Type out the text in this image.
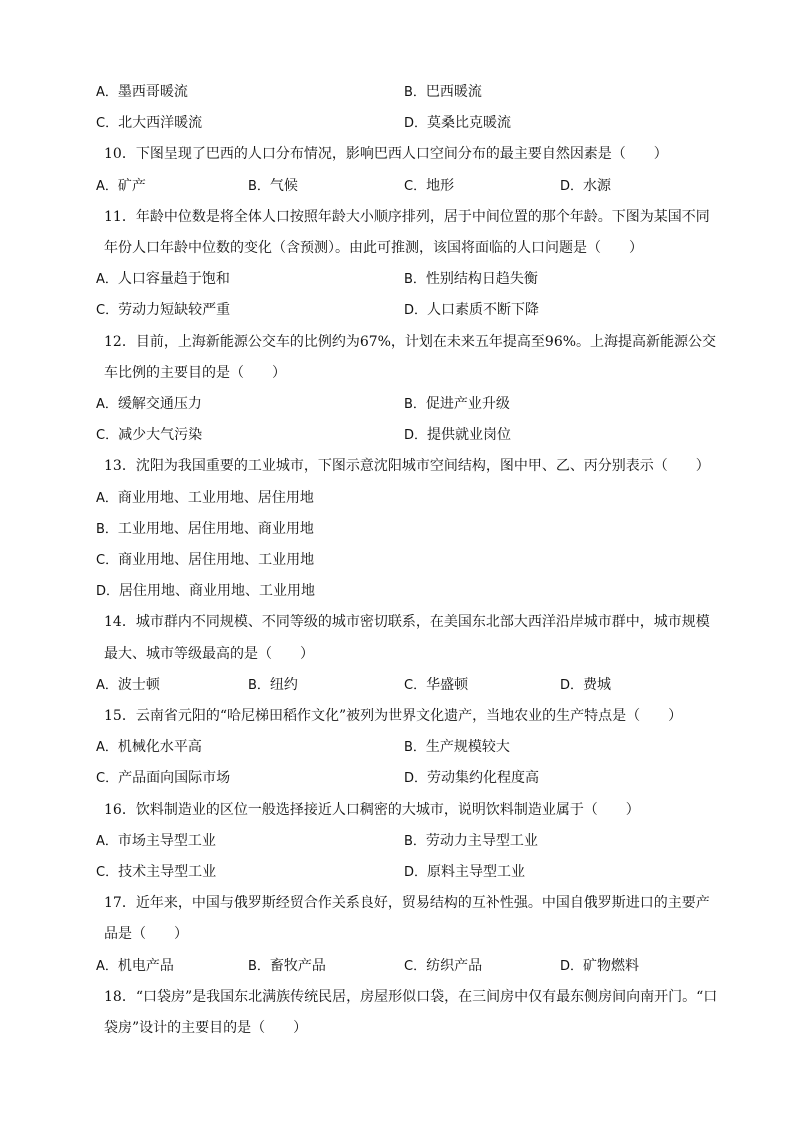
A．墨西哥暖流	B．巴西暖流
C．北大西洋暖流	D．莫桑比克暖流
10．下图呈现了巴西的人口分布情况，影响巴西人口空间分布的最主要自然因素是（　　）
A．矿产	B．气候	C．地形	D．水源
11．年龄中位数是将全体人口按照年龄大小顺序排列，居于中间位置的那个年龄。下图为某国不同
年份人口年龄中位数的变化（含预测）。由此可推测，该国将面临的人口问题是（　　）
A．人口容量趋于饱和	B．性别结构日趋失衡
C．劳动力短缺较严重	D．人口素质不断下降
12．目前，上海新能源公交车的比例约为67%，计划在未来五年提高至96%。上海提高新能源公交
车比例的主要目的是（　　）
A．缓解交通压力	B．促进产业升级
C．减少大气污染	D．提供就业岗位
13．沈阳为我国重要的工业城市，下图示意沈阳城市空间结构，图中甲、乙、丙分别表示（　　）
A．商业用地、工业用地、居住用地
B．工业用地、居住用地、商业用地
C．商业用地、居住用地、工业用地
D．居住用地、商业用地、工业用地
14．城市群内不同规模、不同等级的城市密切联系，在美国东北部大西洋沿岸城市群中，城市规模
最大、城市等级最高的是（　　）
A．波士顿	B．纽约	C．华盛顿	D．费城
15．云南省元阳的“哈尼梯田稻作文化”被列为世界文化遗产，当地农业的生产特点是（　　）
A．机械化水平高	B．生产规模较大
C．产品面向国际市场	D．劳动集约化程度高
16．饮料制造业的区位一般选择接近人口稠密的大城市，说明饮料制造业属于（　　）
A．市场主导型工业	B．劳动力主导型工业
C．技术主导型工业	D．原料主导型工业
17．近年来，中国与俄罗斯经贸合作关系良好，贸易结构的互补性强。中国自俄罗斯进口的主要产
品是（　　）
A．机电产品	B．畜牧产品	C．纺织产品	D．矿物燃料
18．“口袋房”是我国东北满族传统民居，房屋形似口袋，在三间房中仅有最东侧房间向南开门。“口
袋房”设计的主要目的是（　　）
